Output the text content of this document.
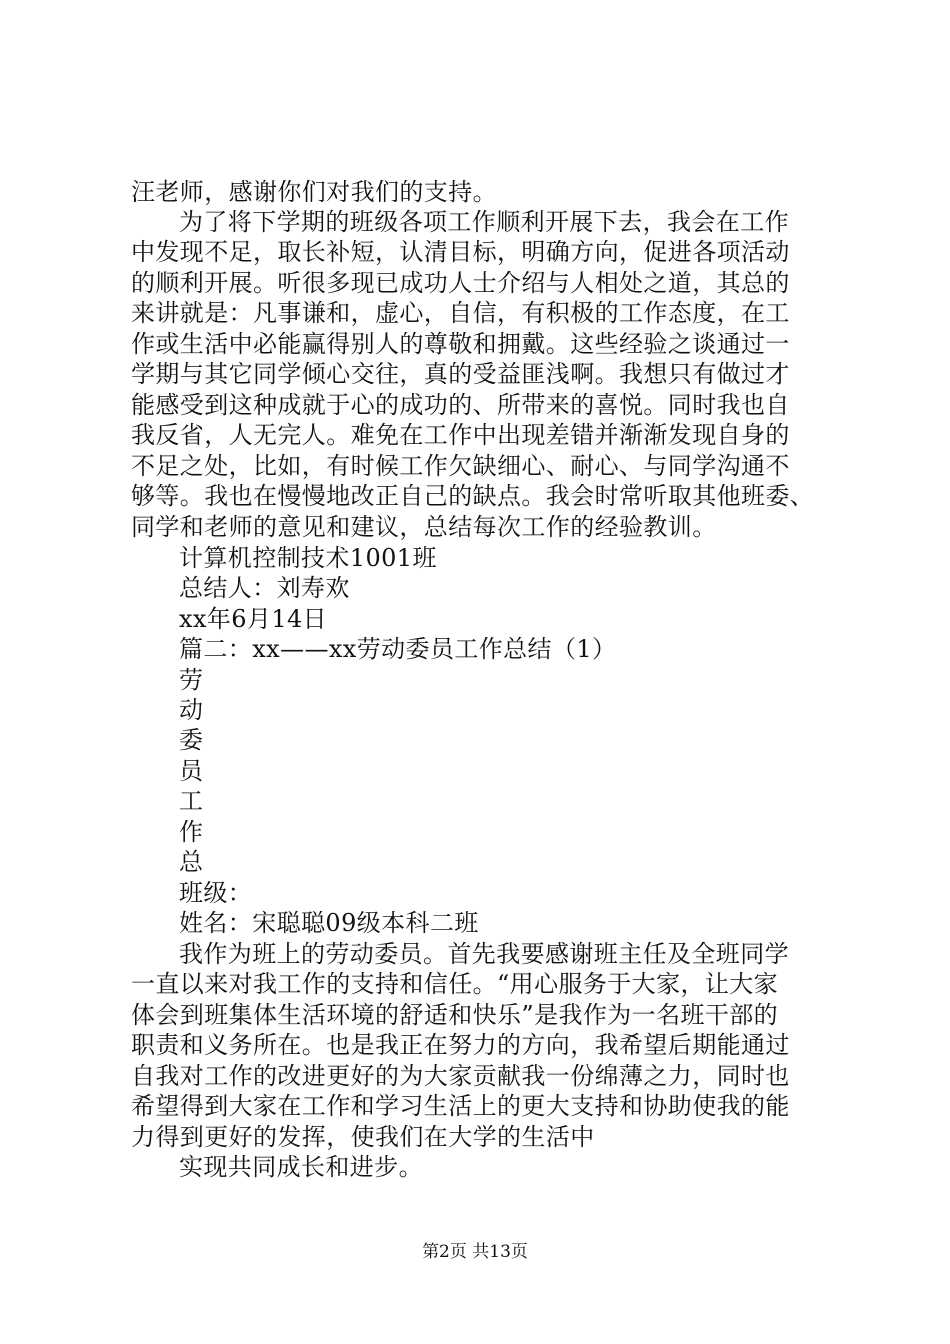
汪老师，感谢你们对我们的支持。
为了将下学期的班级各项工作顺利开展下去，我会在工作
中发现不足，取长补短，认清目标，明确方向，促进各项活动
的顺利开展。听很多现已成功人士介绍与人相处之道，其总的
来讲就是：凡事谦和，虚心，自信，有积极的工作态度，在工
作或生活中必能赢得别人的尊敬和拥戴。这些经验之谈通过一
学期与其它同学倾心交往，真的受益匪浅啊。我想只有做过才
能感受到这种成就于心的成功的、所带来的喜悦。同时我也自
我反省，人无完人。难免在工作中出现差错并渐渐发现自身的
不足之处，比如，有时候工作欠缺细心、耐心、与同学沟通不
够等。我也在慢慢地改正自己的缺点。我会时常听取其他班委、
同学和老师的意见和建议，总结每次工作的经验教训。
计算机控制技术1001班
总结人：刘寿欢
xx年6月14日
篇二：xx——xx劳动委员工作总结（1）
劳
动
委
员
工
作
总
班级：
姓名：宋聪聪09级本科二班
我作为班上的劳动委员。首先我要感谢班主任及全班同学
一直以来对我工作的支持和信任。“用心服务于大家，让大家
体会到班集体生活环境的舒适和快乐”是我作为一名班干部的
职责和义务所在。也是我正在努力的方向，我希望后期能通过
自我对工作的改进更好的为大家贡献我一份绵薄之力，同时也
希望得到大家在工作和学习生活上的更大支持和协助使我的能
力得到更好的发挥，使我们在大学的生活中
实现共同成长和进步。
第2页 共13页
